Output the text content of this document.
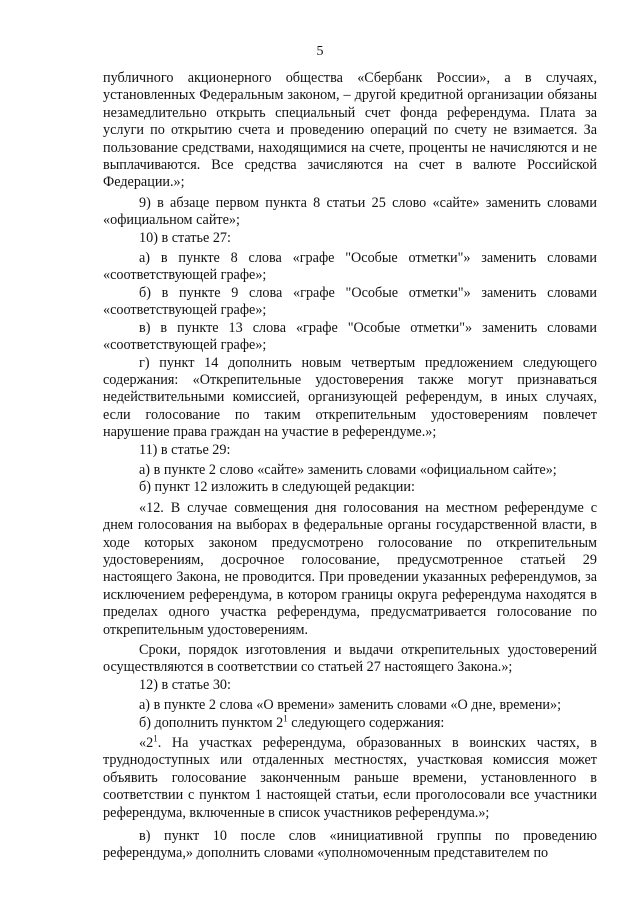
5

публичного акционерного общества «Сбербанк России», а в случаях, установленных Федеральным законом, – другой кредитной организации обязаны незамедлительно открыть специальный счет фонда референдума. Плата за услуги по открытию счета и проведению операций по счету не взимается. За пользование средствами, находящимися на счете, проценты не начисляются и не выплачиваются. Все средства зачисляются на счет в валюте Российской Федерации.»;

9) в абзаце первом пункта 8 статьи 25 слово «сайте» заменить словами «официальном сайте»;

10) в статье 27:

а) в пункте 8 слова «графе "Особые отметки"» заменить словами «соответствующей графе»;

б) в пункте 9 слова «графе "Особые отметки"» заменить словами «соответствующей графе»;

в) в пункте 13 слова «графе "Особые отметки"» заменить словами «соответствующей графе»;

г) пункт 14 дополнить новым четвертым предложением следующего содержания: «Открепительные удостоверения также могут признаваться недействительными комиссией, организующей референдум, в иных случаях, если голосование по таким открепительным удостоверениям повлечет нарушение права граждан на участие в референдуме.»;

11) в статье 29:

а) в пункте 2 слово «сайте» заменить словами «официальном сайте»;

б) пункт 12 изложить в следующей редакции:

«12. В случае совмещения дня голосования на местном референдуме с днем голосования на выборах в федеральные органы государственной власти, в ходе которых законом предусмотрено голосование по открепительным удостоверениям, досрочное голосование, предусмотренное статьей 29 настоящего Закона, не проводится. При проведении указанных референдумов, за исключением референдума, в котором границы округа референдума находятся в пределах одного участка референдума, предусматривается голосование по открепительным удостоверениям.

Сроки, порядок изготовления и выдачи открепительных удостоверений осуществляются в соответствии со статьей 27 настоящего Закона.»;

12) в статье 30:

а) в пункте 2 слова «О времени» заменить словами «О дне, времени»;

б) дополнить пунктом $2^1$ следующего содержания:

«$2^1$. На участках референдума, образованных в воинских частях, в труднодоступных или отдаленных местностях, участковая комиссия может объявить голосование законченным раньше времени, установленного в соответствии с пунктом 1 настоящей статьи, если проголосовали все участники референдума, включенные в список участников референдума.»;

в) пункт 10 после слов «инициативной группы по проведению референдума,» дополнить словами «уполномоченным представителем по
